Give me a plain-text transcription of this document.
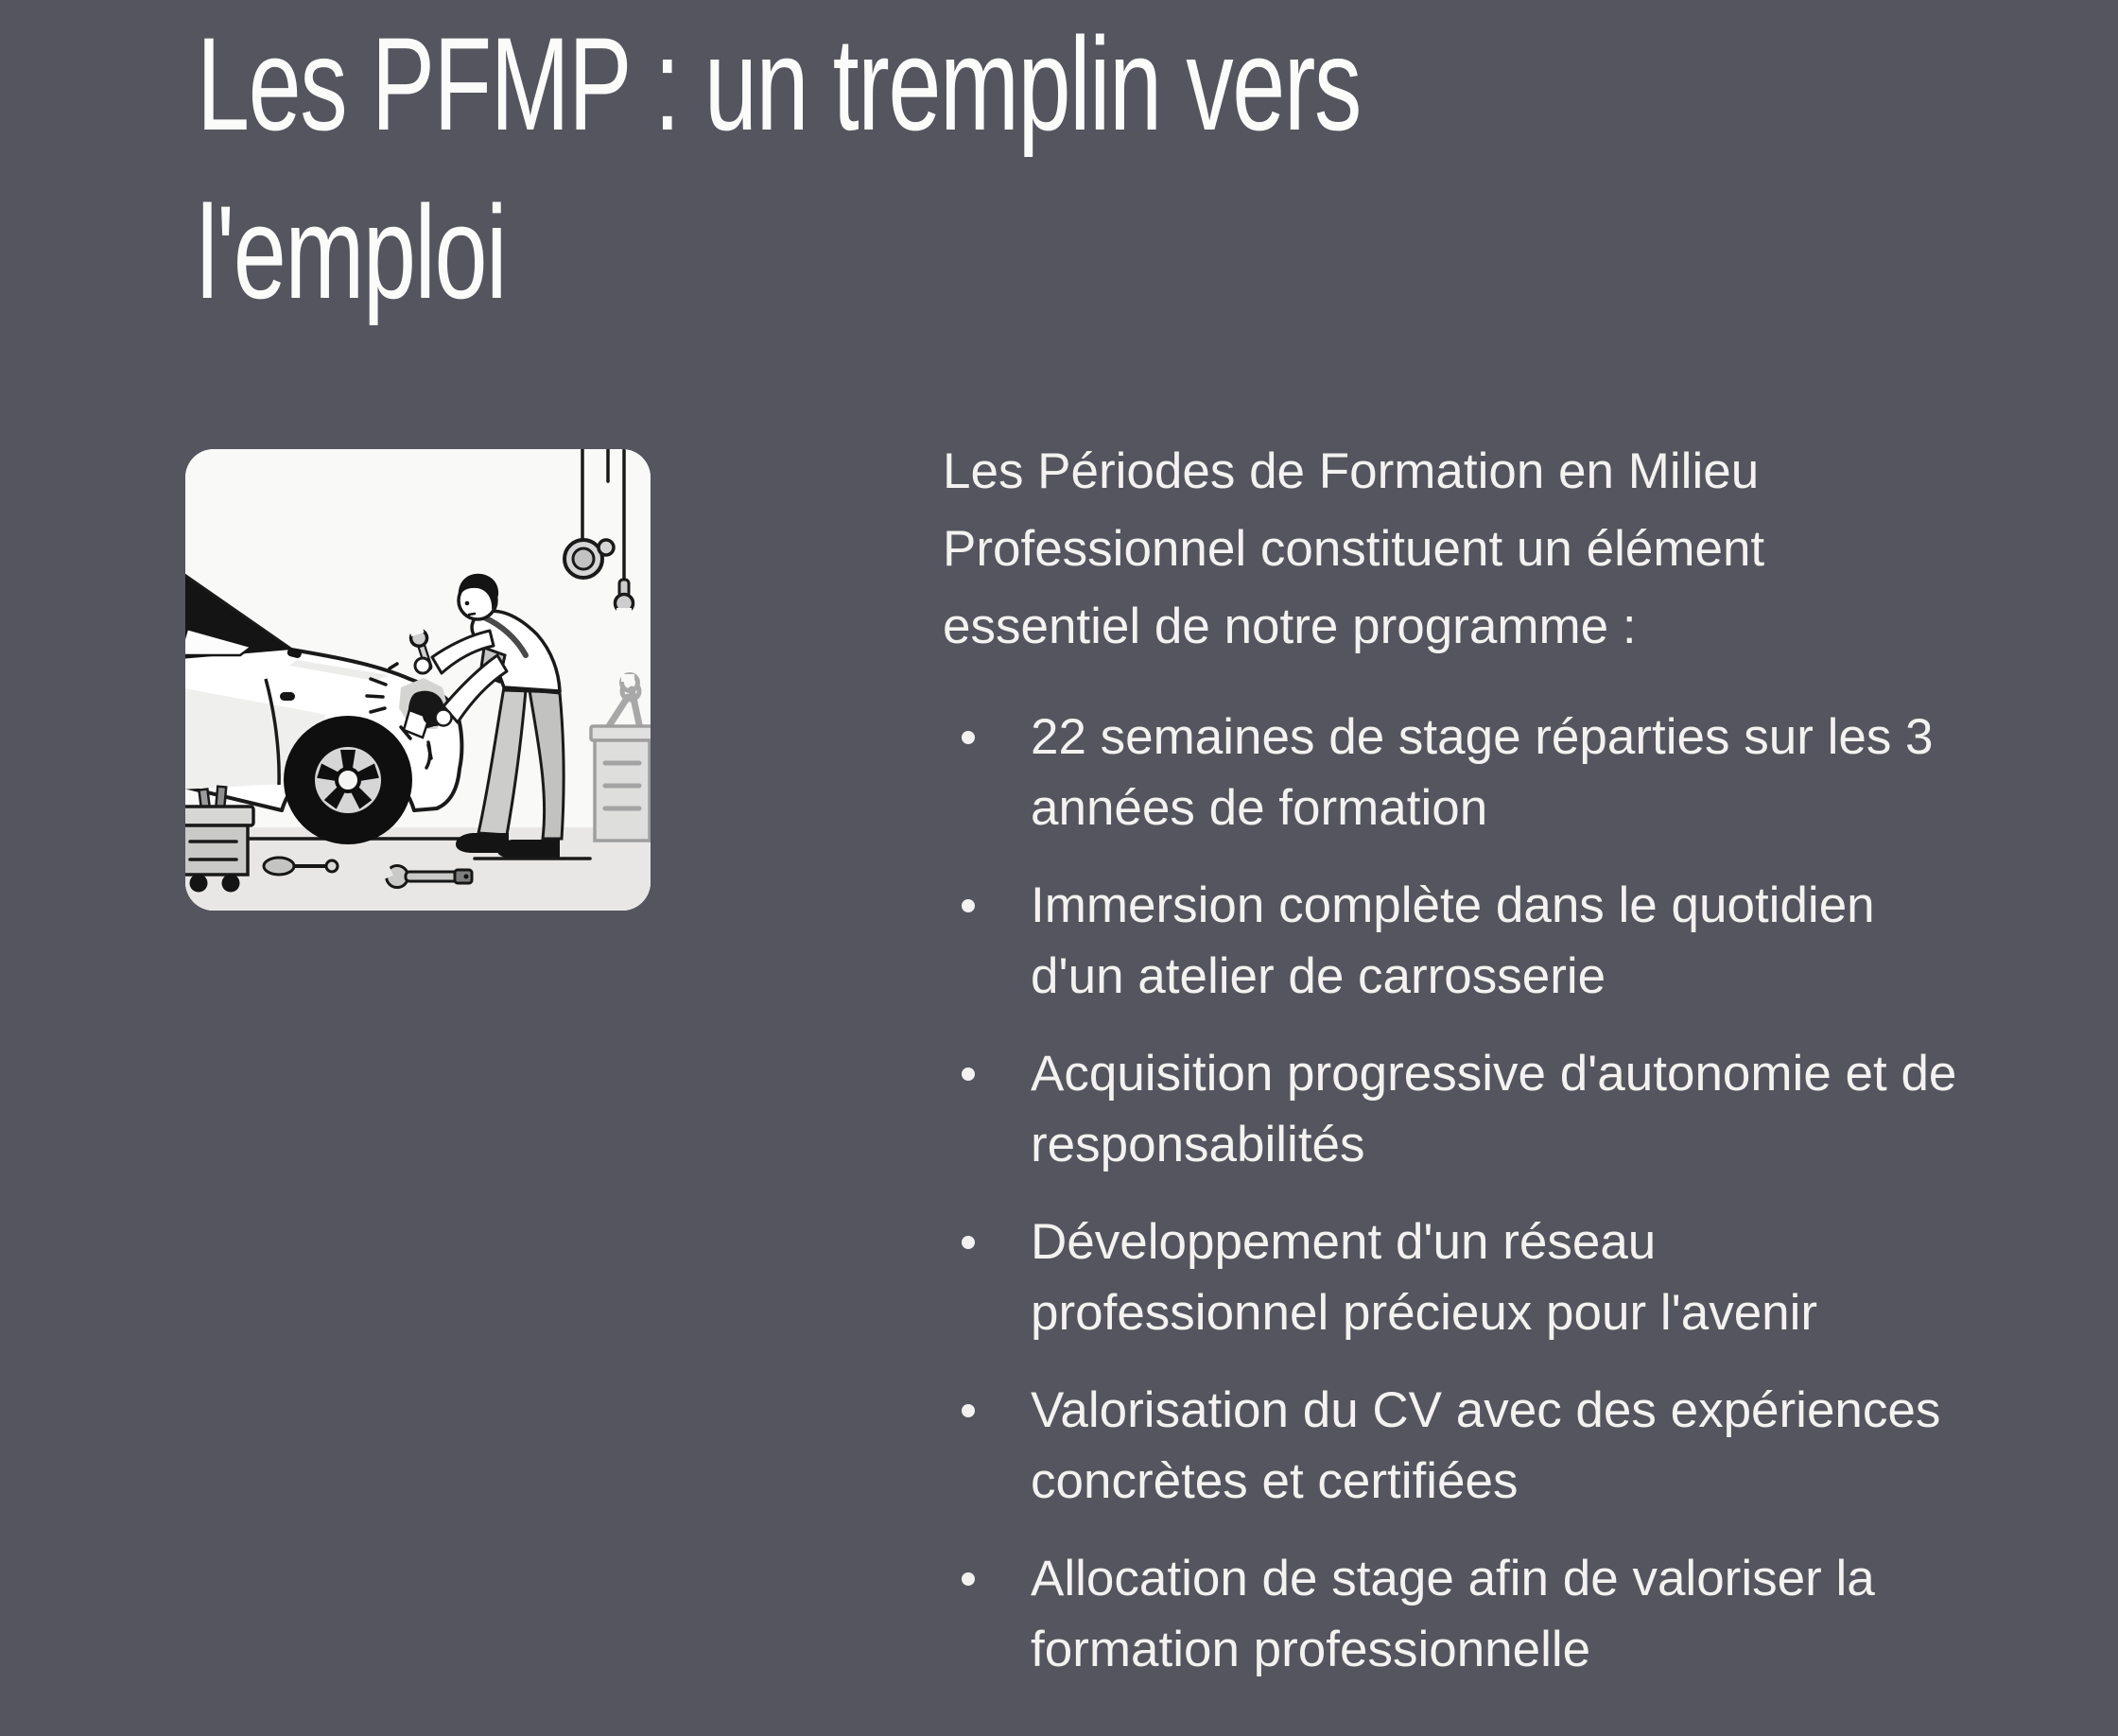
Les PFMP : un tremplin vers l'emploi

Les Périodes de Formation en Milieu Professionnel constituent un élément essentiel de notre programme :

22 semaines de stage réparties sur les 3 années de formation
Immersion complète dans le quotidien d'un atelier de carrosserie
Acquisition progressive d'autonomie et de responsabilités
Développement d'un réseau professionnel précieux pour l'avenir
Valorisation du CV avec des expériences concrètes et certifiées
Allocation de stage afin de valoriser la formation professionnelle
